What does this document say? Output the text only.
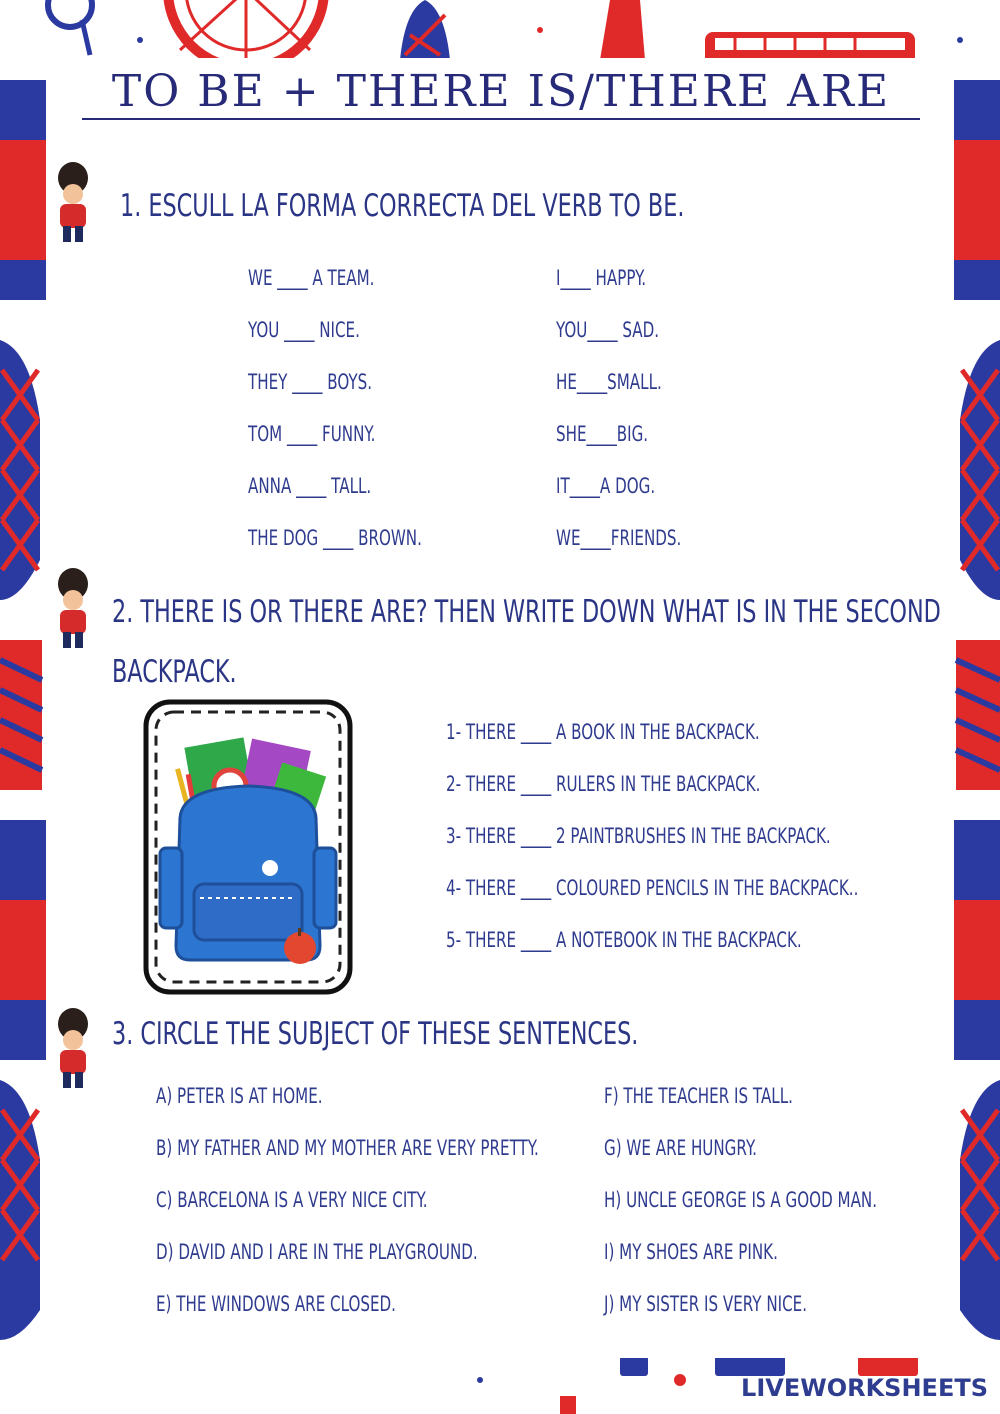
TO BE + THERE IS/THERE ARE
1. ESCULL LA FORMA CORRECTA DEL VERB TO BE.
WE ____ A TEAM.
YOU ____ NICE.
THEY ____ BOYS.
TOM ____ FUNNY.
ANNA ____ TALL.
THE DOG ____ BROWN.
I____ HAPPY.
YOU____ SAD.
HE____SMALL.
SHE____BIG.
IT____A DOG.
WE____FRIENDS.
2. THERE IS OR THERE ARE? THEN WRITE DOWN WHAT IS IN THE SECOND
BACKPACK.
1- THERE ____ A BOOK IN THE BACKPACK.
2- THERE ____ RULERS IN THE BACKPACK.
3- THERE ____ 2 PAINTBRUSHES IN THE BACKPACK.
4- THERE ____ COLOURED PENCILS IN THE BACKPACK..
5- THERE ____ A NOTEBOOK IN THE BACKPACK.
3. CIRCLE THE SUBJECT OF THESE SENTENCES.
A) PETER IS AT HOME.
B) MY FATHER AND MY MOTHER ARE VERY PRETTY.
C) BARCELONA IS A VERY NICE CITY.
D) DAVID AND I ARE IN THE PLAYGROUND.
E) THE WINDOWS ARE CLOSED.
F) THE TEACHER IS TALL.
G) WE ARE HUNGRY.
H) UNCLE GEORGE IS A GOOD MAN.
I) MY SHOES ARE PINK.
J) MY SISTER IS VERY NICE.
LIVEWORKSHEETS
